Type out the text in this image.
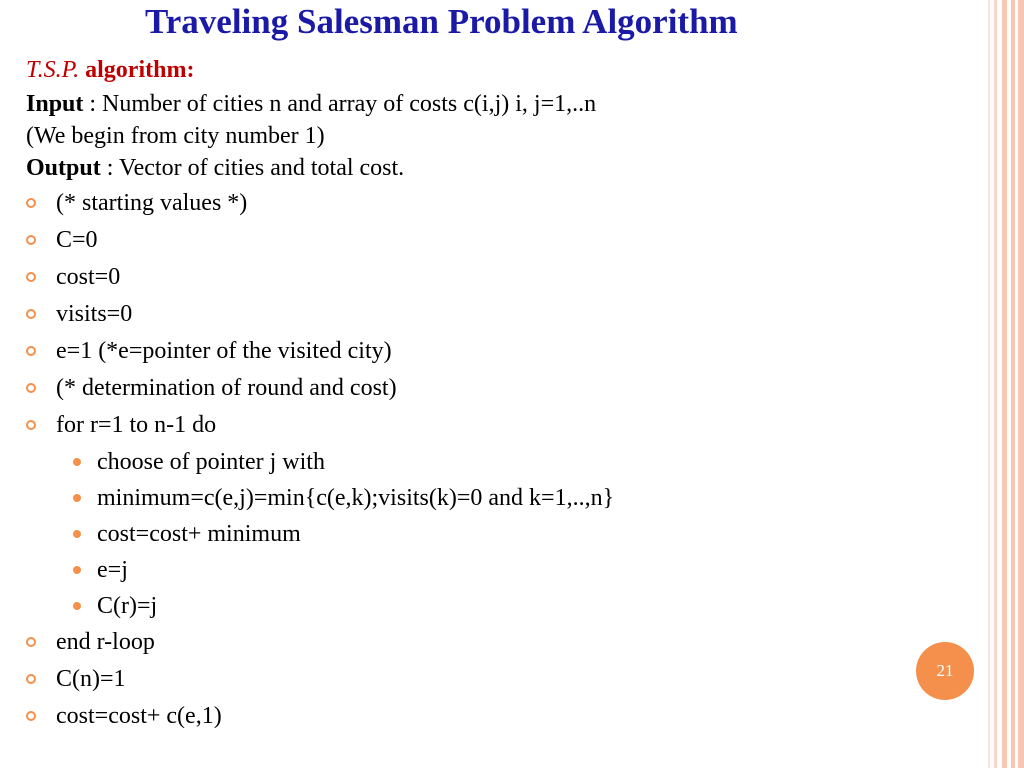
Traveling Salesman Problem Algorithm
T.S.P. algorithm:
Input : Number of cities n and array of costs c(i,j) i, j=1,..n
(We begin from city number 1)
Output : Vector of cities and total cost.
(* starting values *)
C=0
cost=0
visits=0
e=1 (*e=pointer of the visited city)
(* determination of round and cost)
for r=1 to n-1 do
choose of pointer j with
minimum=c(e,j)=min{c(e,k);visits(k)=0 and k=1,..,n}
cost=cost+ minimum
e=j
C(r)=j
end r-loop
C(n)=1
cost=cost+ c(e,1)
21
